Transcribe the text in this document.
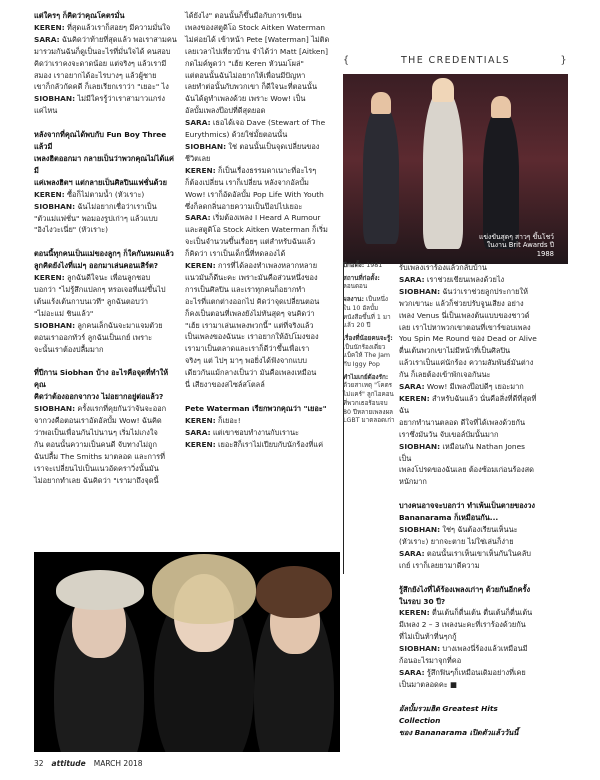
แต่ใครๆ ก็คิดว่าคุณโคตรมั่น

KEREN: ที่สุดแล้วเราก็สอยๆ มีความมั่นใจ

SARA: ฉันคิดว่าท้ายที่สุดแล้ว พอเราสามคน

มารวมกันฉันก็ดูเป็นอะไรที่มั่นใจได้ คนสอบ

คิดว่าเราคงจะดาดน้อย แต่จริงๆ แล้วเรามี

สมอง เราอยากได้อะไรบางๆ แล้วผู้ชาย

เขาก็กลัวกัดคดี ก็เลยเรียกเราว่า "เยอะ" ไง

SIOBHAN: ไม่มีใครรู้ว่าเราสามาวแกร่ง

แค่ไหน

หลังจากที่คุณได้พบกับ Fun Boy Three แล้วมี

เพลงฮิตออกมา กลายเป็นว่าพวกคุณไม่ได้แค่มี

แค่เพลงฮิตฯ แต่กลายเป็นศิลปินแฟชั่นด้วย

KEREN: ซื้อก็ไม่ตามน้ำ (หัวเราะ)

SIOBHAN: ฉันไม่อยากเชื่อว่าเราเป็น

"ตัวแม่แฟชั่น" พอมองรูปเก่าๆ แล้วแบบ

"อิงไงวะเนี่ย" (หัวเราะ)

ตอนนี้ทุกคนเป็นแม่ของลูกๆ ก็ใคกันหมดแล้ว

ลูกคิดยังไงที่แม่ๆ ออกมาเล่นคอนเสิร์ต?

KEREN: ลูกฉันดีใจนะ เพื่อนลูกชอบ

บอกว่า "ไม่รู้สึกแปลกๆ หรอเจอที่แม่ขึ้นไป

เต้นแร้งเต้นกาบนเวที" ลูกฉันตอบว่า

"ไม่อะแม่ ชินแล้ว"

SIOBHAN: ลูกคนเล็กฉันจะมาแจมตัวย

ตอนเราออกทัวร์ ลูกฉันเป็นเกย์ เพราะ

จะนั้นเราต้องปลื้มมาก

ที่ปีกาน Siobhan บ้าง อะไรคือจุดที่ทำให้คุณ

คิดว่าต้องออกจากวง ไม่อยากอยู่ต่อแล้ว?

SIOBHAN: ครั้งแรกที่คุยกันว่าจันจะออก

จากวงคือตอนเราอัดอัลบั้ม Wow! ฉันคิด

ว่าพอเป็นเพื่อนกันไปนานๆ เริ่มไม่เกงใจ

กัน ตอนนั้นความเป็นคนดี จับทางไม่ถูก

ฉันปลื้ม The Smiths มาตลอด และการที่

เราจะเปลี่ยนไปเป็นแนวอัดคราวิ่งนั้นมัน

ไม่อยากทำเลย ฉันคิดว่า "เรามาถึงจุดนี้

ได้ยังไง" ตอนนั้นก็ขึ้นมือกับการเขียน

เพลงของสตูดิโอ Stock Aitken Waterman

ไม่ค่อยได้ เข้าหน้า Pete [Waterman] ไม่ติด

เลยเวลาไปเที่ยวบ้าน จำได้ว่า Matt [Aitken]

กดไมค์พูดว่า "เฮ้ย Keren หัวนมโผล่"

แต่ตอนนั้นฉันไม่อยากให้เพื่อนมีปัญหา

เลยทำต่อนั้นกับพวกเขา ก็ดีใจนะที่ตอนนั้น

ฉันได้ดูทำเพลงด้วย เพราะ Wow! เป็น

อัลบั้มเพลงป๊อปที่ดีสุดยอด

SARA: เธอได้เจอ Dave (Stewart of The

Eurythmics) ด้วยใช่มั้ยตอนนั้น

SIOBHAN: ใช่ ตอนนั้นเป็นจุดเปลี่ยนของ

ชีวิตเลย

KEREN: ก็เป็นเรื่องธรรมดาเนาะที่อะไรๆ

ก็ต้องเปลี่ยน เราก็เปลี่ยน หลังจากอัลบั้ม

Wow! เราก็อัดอัลบั้ม Pop Life With Youth

ซึ่งก็ลดกลิ่นอายความเป็นป๊อปไปเยอะ

SARA: เริ่มต้องเพลง I Heard A Rumour

และสตูดิโอ Stock Aitken Waterman ก็เริ่ม

จะเป็นจำนวนขึ้นเรื่อยๆ แต่สำหรับฉันแล้ว

ก็คิดว่า เราเป็นเด็กนี้ที่ทดลองได้

KEREN: การที่ได้ลองทำเพลงหลากหลาย

แนวมันก็ดีนะคะ เพราะมันคือส่วนหนึ่งของ

การเป็นศิลปิน และเราทุกคนก็อยากทำ

อะไรที่แตกต่างออกไป คิดว่าจุดเปลี่ยนตอน

ก็คงเป็นตอนที่เพลงยังไม่ทันสุดๆ จนคิดว่า

"เฮ้ย เรามาเล่นเพลงพวกนี้" แต่ที่จริงแล้ว

เป็นเพลงของฉันนะ เราอยากให้อัปโมงของ

เรามาเป็นตลาดและเราก็ดีว่าขึ้นเพื่อเรา

จริงๆ แต่ ไปๆ มาๆ พอยิ่งได้ฟังจากแบบ

เดียวกันแม้กลางเป็นว่า มันคือเพลงเหมือน

นี่ เสียงาของสไซล์สโตลล์

Pete Waterman เรียกพวกคุณว่า "เยอะ"

KEREN: ก็เยอะ!

SARA: แต่เขาชอบทำงานกับเรานะ

KEREN: เยอะสิก็เราไม่เปียบกับนักร้องที่แค่

{	THE CREDENTIALS	}
แข่งขันสุดๆ สาวๆ ขึ้นโชว์ ในงาน Brit Awards ปี 1988

ปีก่อตั้ง: 1981

สถานที่ก่อตั้ง: ลอนดอน

ผลงาน: เป็นหนึ่งใน 10 อัลบั้มหนังสือขึ้นที่ 1 มาแล้ว 20 ปี

เรื่องที่น้อยคนจะรู้: เป็นนักร้องเดี่ยวแบ็คให้ The Jam กับ Iggy Pop

ทำไมเกย์ต้องรัก: ด้วยสาเหตุ "โคตรไม่แคร์" ลูกไอคอนที่พวกเธอร้อนจบ 80 ปีหลายเพลงผล LGBT มาตลอดเก่า

รับเพลงเราร้องแล้วกลับบ้าน

SARA: เราช่วยเขียนเพลงด้วยไง

SIOBHAN: ฉันว่าเราช่วยลูกประกายให้

พวกเขานะ แล้วก็ช่วยปรับจูนเสียง อย่าง

เพลง Venus นี่เป็นเพลงต้นแบบของชาวด์

เลย เราไปหาพวกเขาตอนที่เขาร์ขอบเพลง

You Spin Me Round ของ Dead or Alive

ตื่นเต้นพวกเขาไม่มีหน้าที่เป็นศิลปิน

แล้วเราเป็นแค่นักร้อง ความสัมพันธ์มันต่าง

กัน ก็เลยต้องเข้าพักเจอกันนะ

SARA: Wow! มีเพลงป๊อปดีๆ เยอะมาก

KEREN: สำหรับฉันแล้ว นั่นคือสิ่งที่ดีที่สุดที่ฉัน

อยากทำนานตลอด ดีใจที่ได้เพลงด้วยกัน

เราซึ่งมันวัน จับเขอล์บัมนั้นมาก

SIOBHAN: เหมือนกัน Nathan Jones เป็น

เพลงโปรดของฉันเลย ต้องซ้อมเก่อนร้องสด

หนักมาก

บางคนอาจจะบอกว่า ทำเพ้นเป็นตายของวง

Bananarama ก็เหมือนกัน...

SIOBHAN: ใช่ๆ ฉันต้องเรียนเห็นนะ

(หัวเราะ) ยากจะตาย ไม่ใช่เล่นก็ง่าย

SARA: ตอนนั้นเราเห็นเขาเห็นกันในคลับ

เกย์ เราก็เลยยามาดีความ

รู้สึกยังไงที่ได้ร้องเพลงเก่าๆ ด้วยกันอีกครั้ง

ในรอบ 30 ปี?

KEREN: ตื่นเต้นก็ตื่นเต้น ตื่นเต้นก็ตื่นเต้น

มีเพลง 2 – 3 เพลงนะคะที่เราร้องด้วยกัน

ที่ไม่เป็นท้าที่นๆกกู้

SIOBHAN: บางเพลงนี่ร้องแล้วเหมือนมี

ก้อนอะไรมาจุกที่คอ

SARA: รู้สึกฟินๆก็เหมือนเดิมอย่างที่เคย

เป็นมาตลอดคะ ■

อัลบั้มรวมฮิต Greatest Hits Collection

ของ Bananarama เปิดตัวแล้ววันนี้

32 attitude MARCH 2018
